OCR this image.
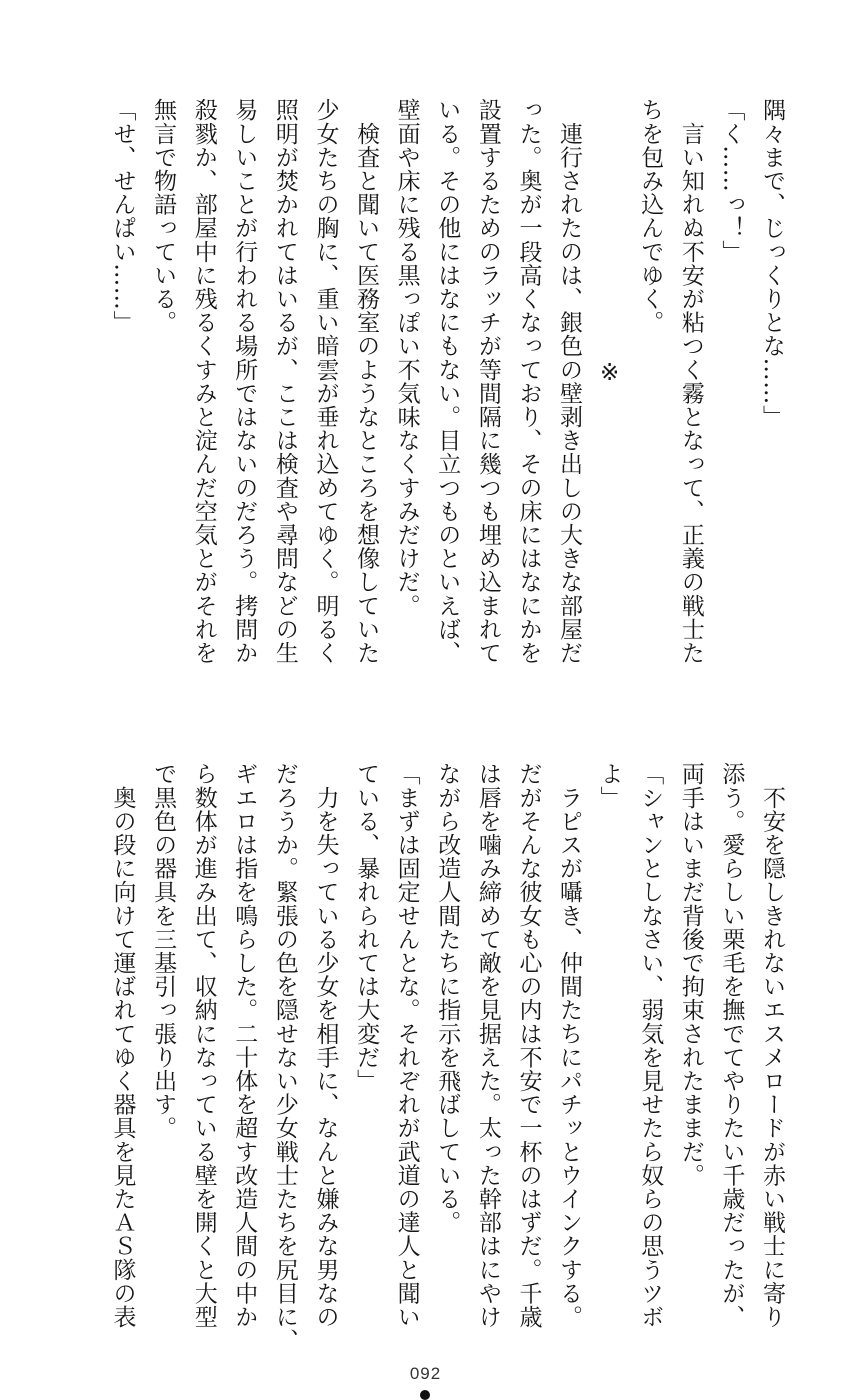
隅々まで、じっくりとな……」
「く……っ！」
　言い知れぬ不安が粘つく霧となって、正義の戦士た
ちを包み込んでゆく。
※
　連行されたのは、銀色の壁剥き出しの大きな部屋だ
った。奥が一段高くなっており、その床にはなにかを
設置するためのラッチが等間隔に幾つも埋め込まれて
いる。その他にはなにもない。目立つものといえば、
壁面や床に残る黒っぽい不気味なくすみだけだ。
　検査と聞いて医務室のようなところを想像していた
少女たちの胸に、重い暗雲が垂れ込めてゆく。明るく
照明が焚かれてはいるが、ここは検査や尋問などの生
易しいことが行われる場所ではないのだろう。拷問か
殺戮か、部屋中に残るくすみと淀んだ空気とがそれを
無言で物語っている。
「せ、せんぱい……」
　不安を隠しきれないエスメロードが赤い戦士に寄り
添う。愛らしい栗毛を撫でてやりたい千歳だったが、
両手はいまだ背後で拘束されたままだ。
「シャンとしなさい、弱気を見せたら奴らの思うツボ
よ」
　ラピスが囁き、仲間たちにパチッとウインクする。
だがそんな彼女も心の内は不安で一杯のはずだ。千歳
は唇を噛み締めて敵を見据えた。太った幹部はにやけ
ながら改造人間たちに指示を飛ばしている。
「まずは固定せんとな。それぞれが武道の達人と聞い
ている、暴れられては大変だ」
　力を失っている少女を相手に、なんと嫌みな男なの
だろうか。緊張の色を隠せない少女戦士たちを尻目に、
ギエロは指を鳴らした。二十体を超す改造人間の中か
ら数体が進み出て、収納になっている壁を開くと大型
で黒色の器具を三基引っ張り出す。
　奥の段に向けて運ばれてゆく器具を見たＡＳ隊の表
092
